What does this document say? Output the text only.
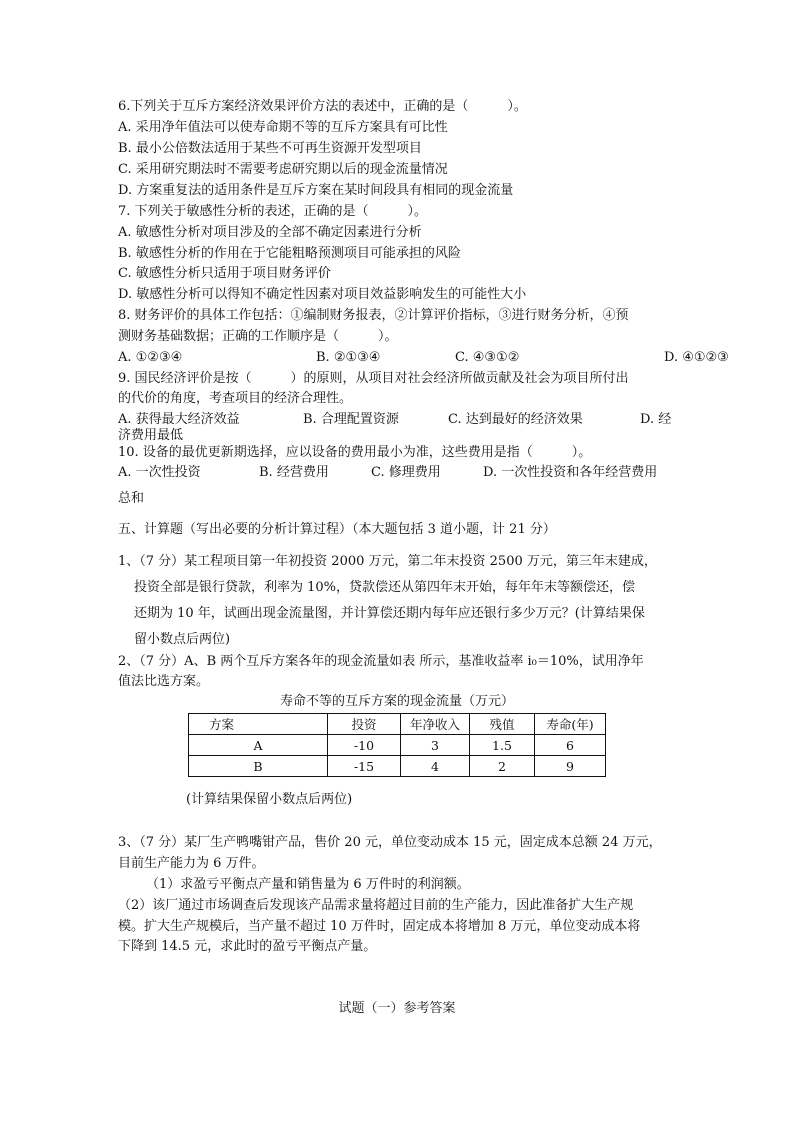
6.下列关于互斥方案经济效果评价方法的表述中，正确的是（　　　）。
A. 采用净年值法可以使寿命期不等的互斥方案具有可比性
B. 最小公倍数法适用于某些不可再生资源开发型项目
C. 采用研究期法时不需要考虑研究期以后的现金流量情况
D. 方案重复法的适用条件是互斥方案在某时间段具有相同的现金流量
7. 下列关于敏感性分析的表述，正确的是（　　　）。
A. 敏感性分析对项目涉及的全部不确定因素进行分析
B. 敏感性分析的作用在于它能粗略预测项目可能承担的风险
C. 敏感性分析只适用于项目财务评价
D. 敏感性分析可以得知不确定性因素对项目效益影响发生的可能性大小
8. 财务评价的具体工作包括：①编制财务报表，②计算评价指标，③进行财务分析，④预
测财务基础数据；正确的工作顺序是（　　　）。
A. ①②③④	B. ②①③④	C. ④③①②	D. ④①②③
9. 国民经济评价是按（　　　）的原则，从项目对社会经济所做贡献及社会为项目所付出
的代价的角度，考查项目的经济合理性。
A. 获得最大经济效益	B. 合理配置资源	C. 达到最好的经济效果	D. 经
济费用最低
10. 设备的最优更新期选择，应以设备的费用最小为准，这些费用是指（　　　）。
A. 一次性投资	B. 经营费用	C. 修理费用	D. 一次性投资和各年经营费用
总和
五、计算题（写出必要的分析计算过程）（本大题包括 3 道小题，计 21 分）
1、（7 分）某工程项目第一年初投资 2000 万元，第二年末投资 2500 万元，第三年末建成，
投资全部是银行贷款，利率为 10%，贷款偿还从第四年末开始，每年年末等额偿还，偿
还期为 10 年，试画出现金流量图，并计算偿还期内每年应还银行多少万元？(计算结果保
留小数点后两位)
2、（7 分）A、B 两个互斥方案各年的现金流量如表 所示，基准收益率 i₀＝10%，试用净年
值法比选方案。
寿命不等的互斥方案的现金流量（万元）
方案	投资	年净收入	残值	寿命(年)
A	-10	3	1.5	6
B	-15	4	2	9
(计算结果保留小数点后两位)
3、（7 分）某厂生产鸭嘴钳产品，售价 20 元，单位变动成本 15 元，固定成本总额 24 万元，
目前生产能力为 6 万件。
（1）求盈亏平衡点产量和销售量为 6 万件时的利润额。
（2）该厂通过市场调查后发现该产品需求量将超过目前的生产能力，因此准备扩大生产规
模。扩大生产规模后，当产量不超过 10 万件时，固定成本将增加 8 万元，单位变动成本将
下降到 14.5 元，求此时的盈亏平衡点产量。
试题（一）参考答案
